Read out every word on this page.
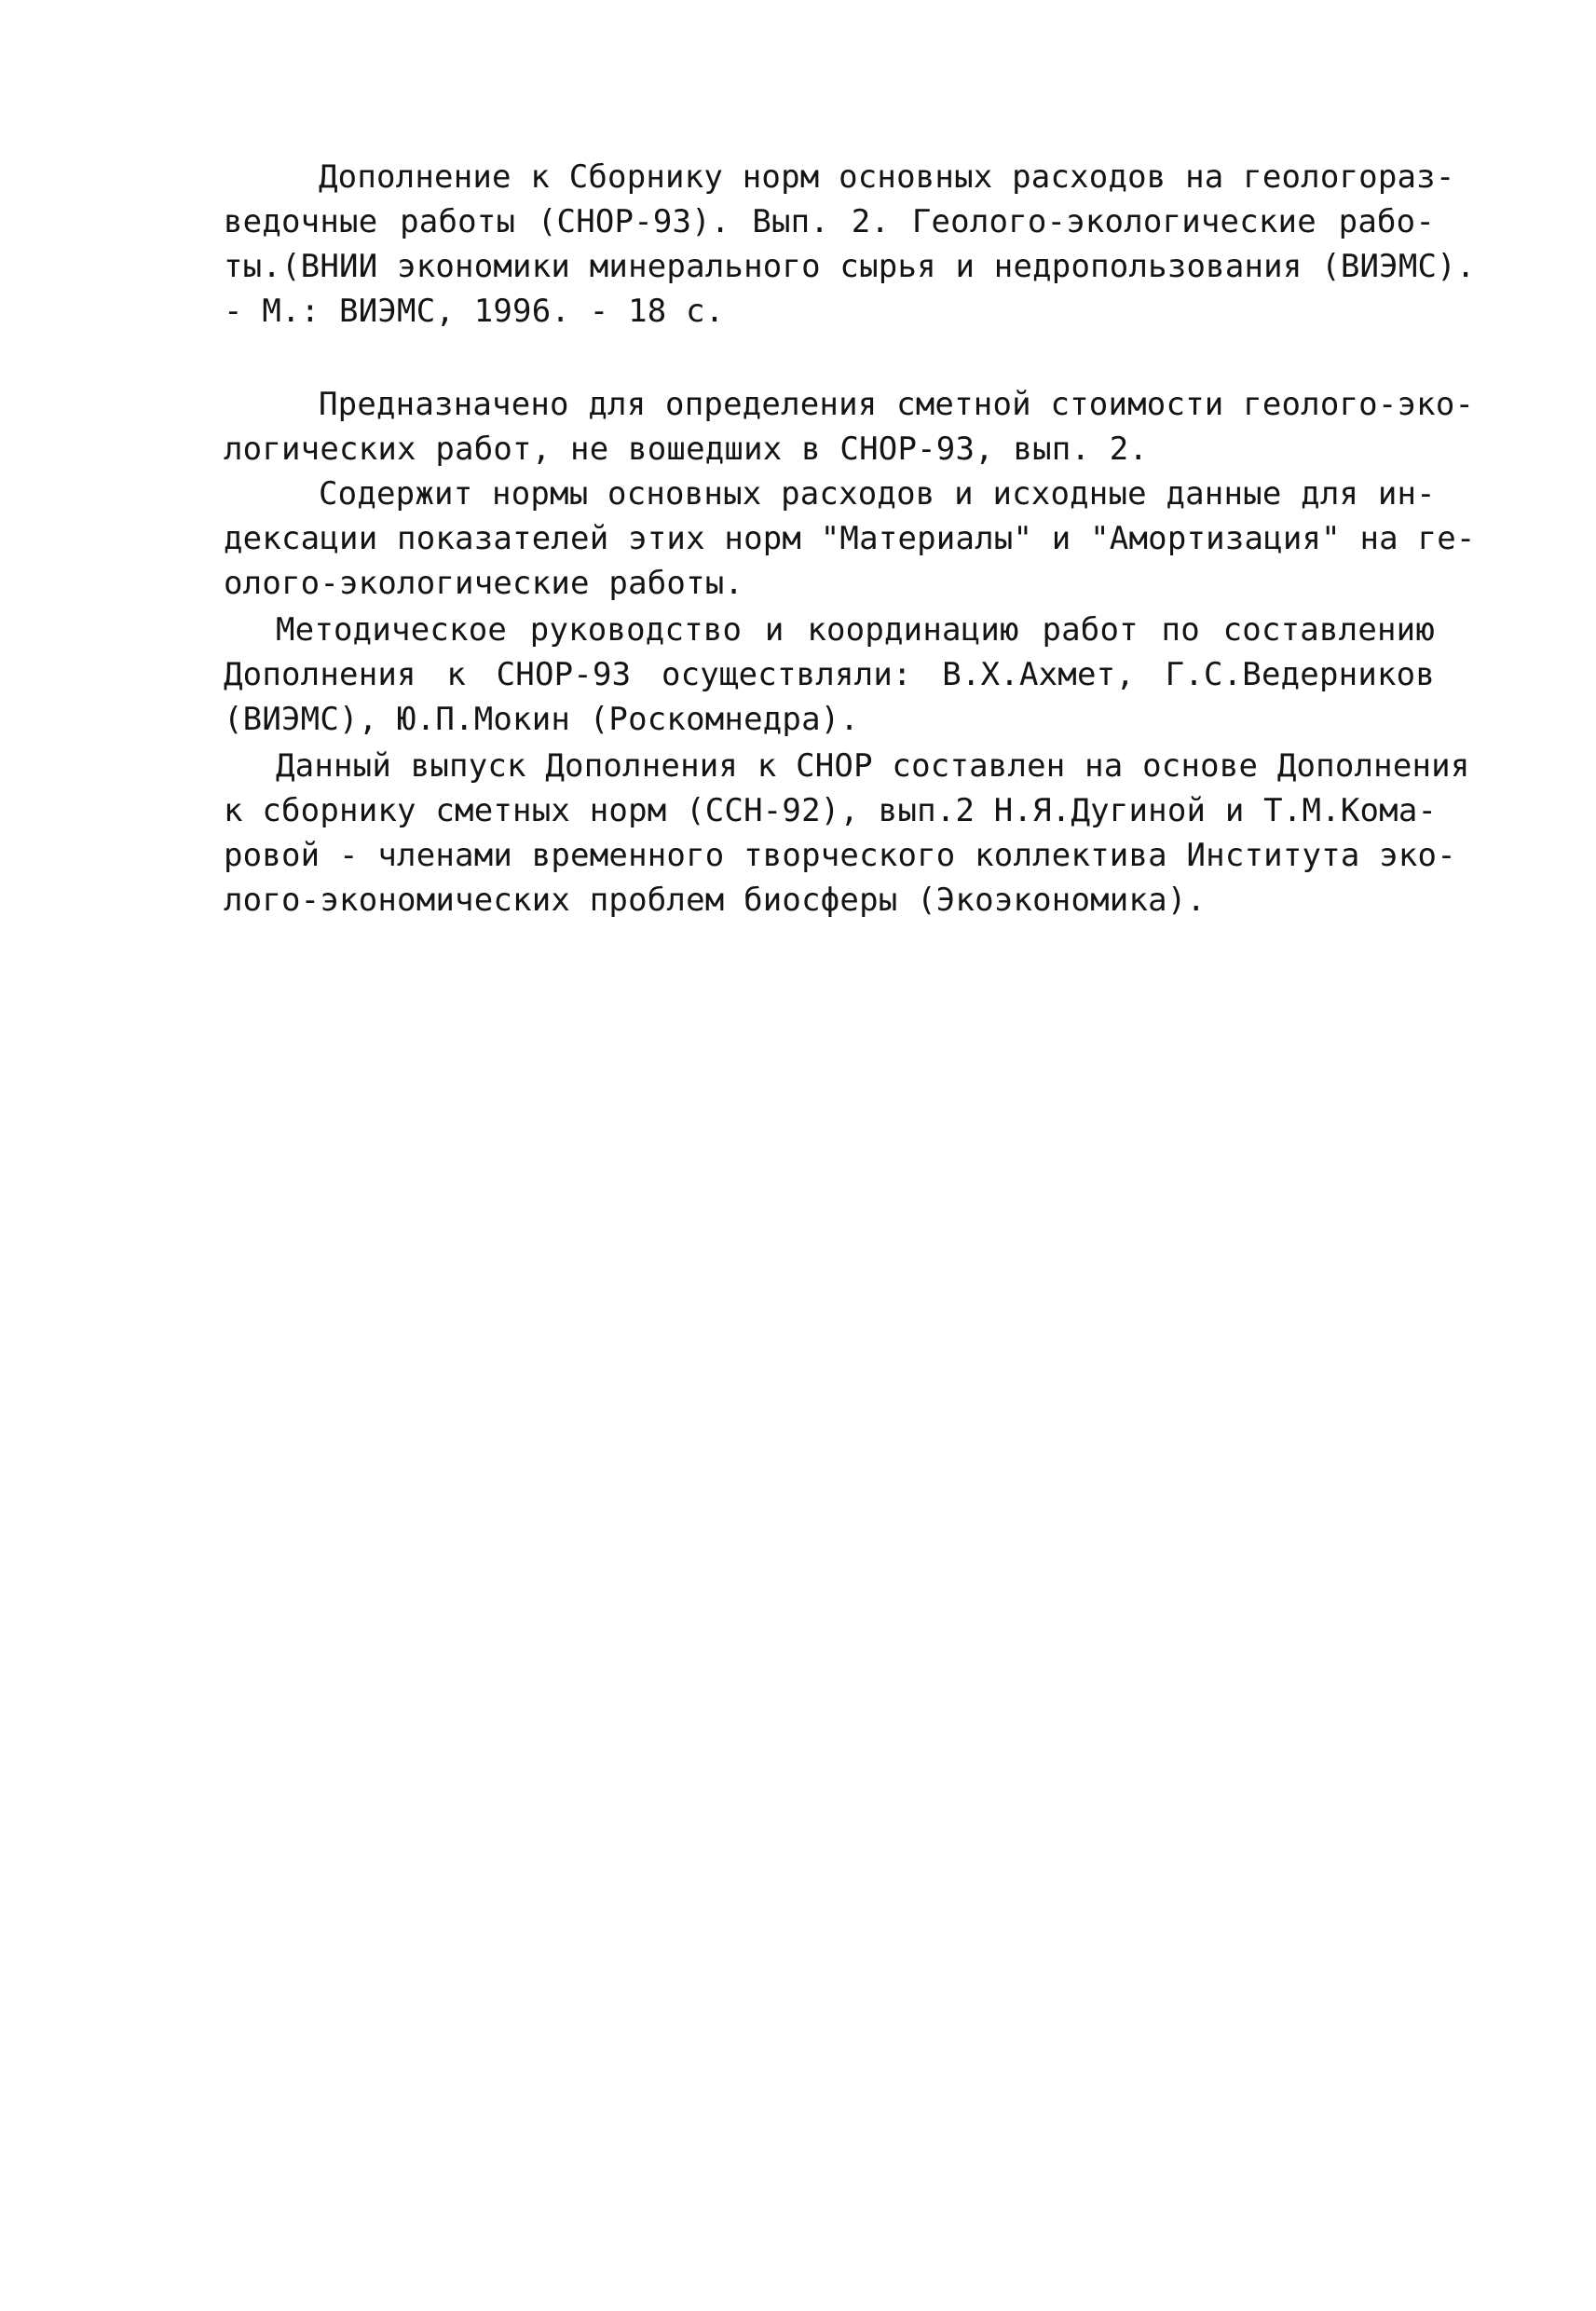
Дополнение к Сборнику норм основных расходов на геологораз-

ведочные работы (СНОР-93). Вып. 2. Геолого-экологические рабо-

ты.(ВНИИ экономики минерального сырья и недропользования (ВИЭМС).

- М.: ВИЭМС, 1996. - 18 с.

Предназначено для определения сметной стоимости геолого-эко-

логических работ, не вошедших в СНОР-93, вып. 2.

Содержит нормы основных расходов и исходные данные для ин-

дексации показателей этих норм "Материалы" и "Амортизация" на ге-

олого-экологические работы.

Методическое руководство и координацию работ по составлению

Дополнения к СНОР-93 осуществляли: В.Х.Ахмет, Г.С.Ведерников

(ВИЭМС), Ю.П.Мокин (Роскомнедра).

Данный выпуск Дополнения к СНОР составлен на основе Дополнения

к сборнику сметных норм (ССН-92), вып.2 Н.Я.Дугиной и Т.М.Кома-

ровой - членами временного творческого коллектива Института эко-

лого-экономических проблем биосферы (Экоэкономика).
